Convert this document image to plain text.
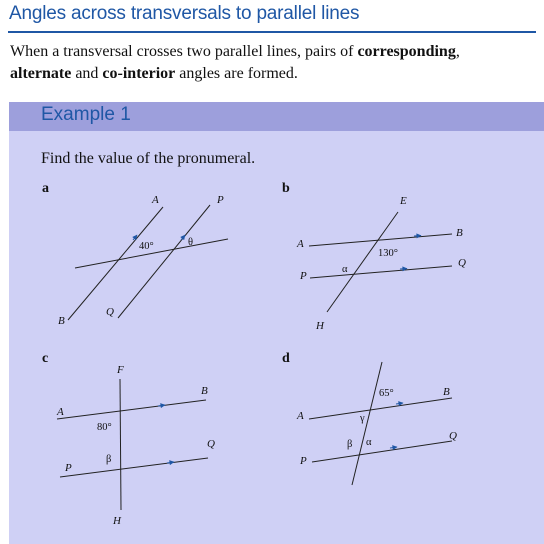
Angles across transversals to parallel lines
When a transversal crosses two parallel lines, pairs of corresponding,
alternate and co-interior angles are formed.
Example 1
Find the value of the pronumeral.
a
A	P
B
Q
40°	θ
b
E
A
B
P
Q
H
130°
α
c
F
A
B
Q
P
H
80°
β
d
A
B
Q
P
65°
γ
β α
